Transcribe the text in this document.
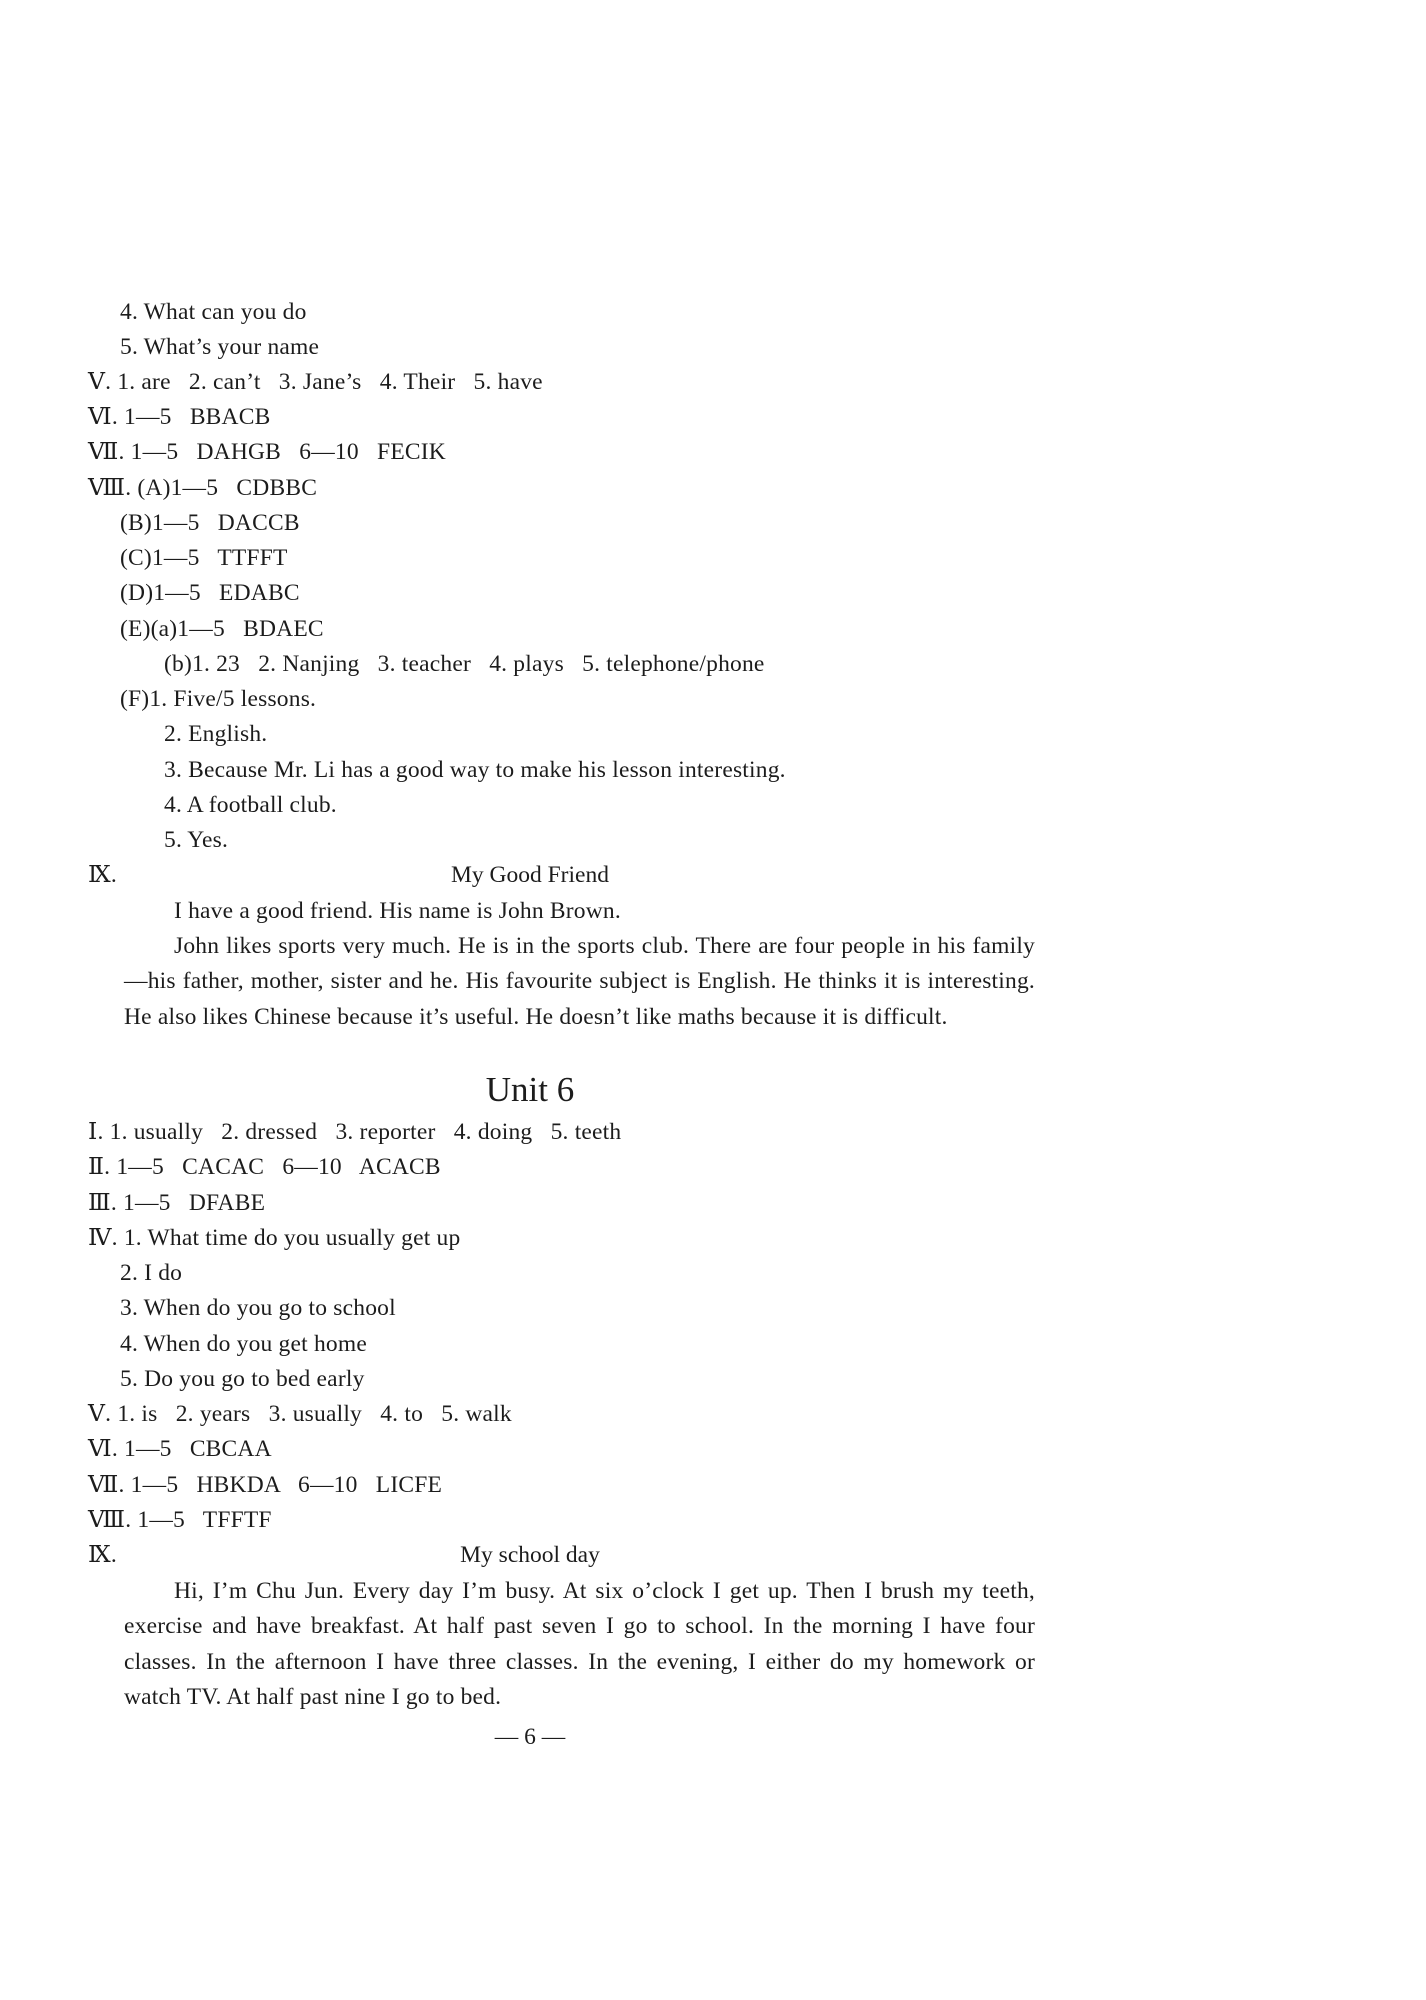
4. What can you do
5. What’s your name
Ⅴ. 1. are   2. can’t   3. Jane’s   4. Their   5. have
Ⅵ. 1—5   BBACB
Ⅶ. 1—5   DAHGB   6—10   FECIK
Ⅷ. (A)1—5   CDBBC
(B)1—5   DACCB
(C)1—5   TTFFT
(D)1—5   EDABC
(E)(a)1—5   BDAEC
(b)1. 23   2. Nanjing   3. teacher   4. plays   5. telephone/phone
(F)1. Five/5 lessons.
2. English.
3. Because Mr. Li has a good way to make his lesson interesting.
4. A football club.
5. Yes.
Ⅸ.	My Good Friend
I have a good friend. His name is John Brown.
John likes sports very much. He is in the sports club. There are four people in his family—his father, mother, sister and he. His favourite subject is English. He thinks it is interesting. He also likes Chinese because it’s useful. He doesn’t like maths because it is difficult.
Unit 6
Ⅰ. 1. usually   2. dressed   3. reporter   4. doing   5. teeth
Ⅱ. 1—5   CACAC   6—10   ACACB
Ⅲ. 1—5   DFABE
Ⅳ. 1. What time do you usually get up
2. I do
3. When do you go to school
4. When do you get home
5. Do you go to bed early
Ⅴ. 1. is   2. years   3. usually   4. to   5. walk
Ⅵ. 1—5   CBCAA
Ⅶ. 1—5   HBKDA   6—10   LICFE
Ⅷ. 1—5   TFFTF
Ⅸ.	My school day
Hi, I’m Chu Jun. Every day I’m busy. At six o’clock I get up. Then I brush my teeth, exercise and have breakfast. At half past seven I go to school. In the morning I have four classes. In the afternoon I have three classes. In the evening, I either do my homework or watch TV. At half past nine I go to bed.
— 6 —
